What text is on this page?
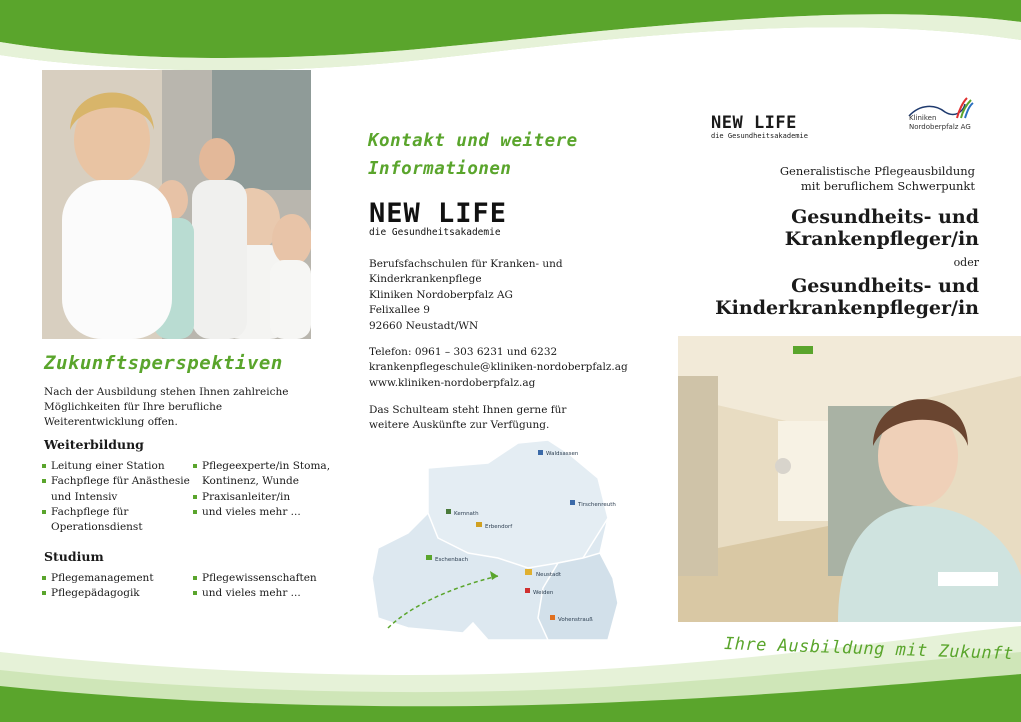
Zukunftsperspektiven

Nach der Ausbildung stehen Ihnen zahlreiche Möglichkeiten für Ihre berufliche Weiterentwicklung offen.

Weiterbildung
Leitung einer Station
Fachpflege für Anästhesie und Intensiv
Fachpflege für Operationsdienst
Pflegeexperte/in Stoma, Kontinenz, Wunde
Praxisanleiter/in
und vieles mehr ...
Studium
Pflegemanagement
Pflegepädagogik
Pflegewissenschaften
und vieles mehr ...
Kontakt und weitere Informationen
NEW LIFE
die Gesundheitsakademie

Berufsfachschulen für Kranken- und Kinderkrankenpflege

Kliniken Nordoberpfalz AG
Felixallee 9
92660 Neustadt/WN
Telefon: 0961 – 303 6231 und 6232
krankenpflegeschule@kliniken-nordoberpfalz.ag
www.kliniken-nordoberpfalz.ag
Das Schulteam steht Ihnen gerne für
weitere Auskünfte zur Verfügung.
Waldsassen
Tirschenreuth
Kemnath
Erbendorf
Eschenbach
Neustadt
Weiden
Vohenstrauß
NEW LIFE
die Gesundheitsakademie
Kliniken
Nordoberpfalz AG
Generalistische Pflegeausbildung
mit beruflichem Schwerpunkt
Gesundheits- und
Krankenpfleger/in
oder
Gesundheits- und
Kinderkrankenpfleger/in
Ihre Ausbildung mit Zukunft
